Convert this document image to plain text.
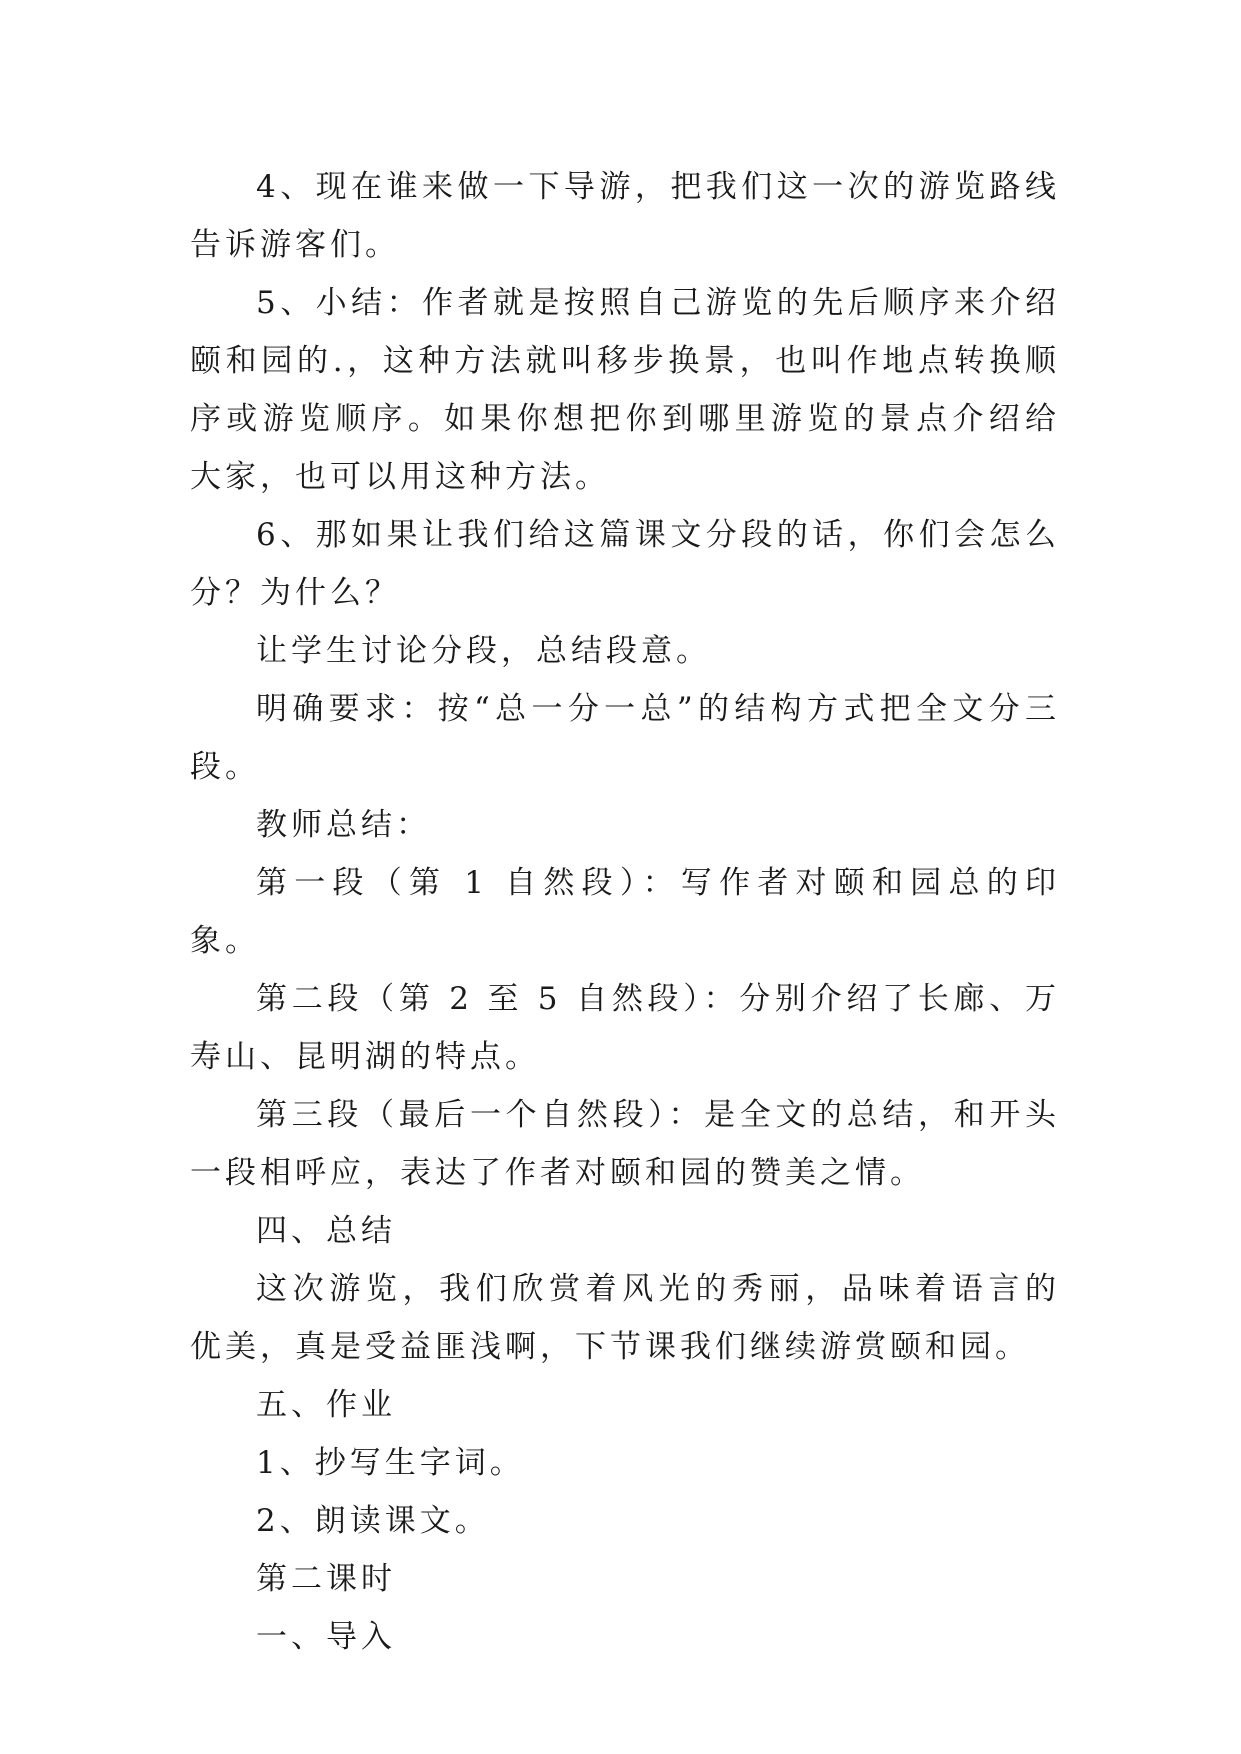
4、现在谁来做一下导游，把我们这一次的游览路线告诉游客们。

5、小结：作者就是按照自己游览的先后顺序来介绍颐和园的.，这种方法就叫移步换景，也叫作地点转换顺序或游览顺序。如果你想把你到哪里游览的景点介绍给大家，也可以用这种方法。

6、那如果让我们给这篇课文分段的话，你们会怎么分？为什么？

让学生讨论分段，总结段意。

明确要求：按“总一分一总”的结构方式把全文分三段。

教师总结：

第一段（第 1 自然段）：写作者对颐和园总的印象。

第二段（第 2 至 5 自然段）：分别介绍了长廊、万寿山、昆明湖的特点。

第三段（最后一个自然段）：是全文的总结，和开头一段相呼应，表达了作者对颐和园的赞美之情。

四、总结

这次游览，我们欣赏着风光的秀丽，品味着语言的优美，真是受益匪浅啊，下节课我们继续游赏颐和园。

五、作业

1、抄写生字词。

2、朗读课文。

第二课时

一、导入
